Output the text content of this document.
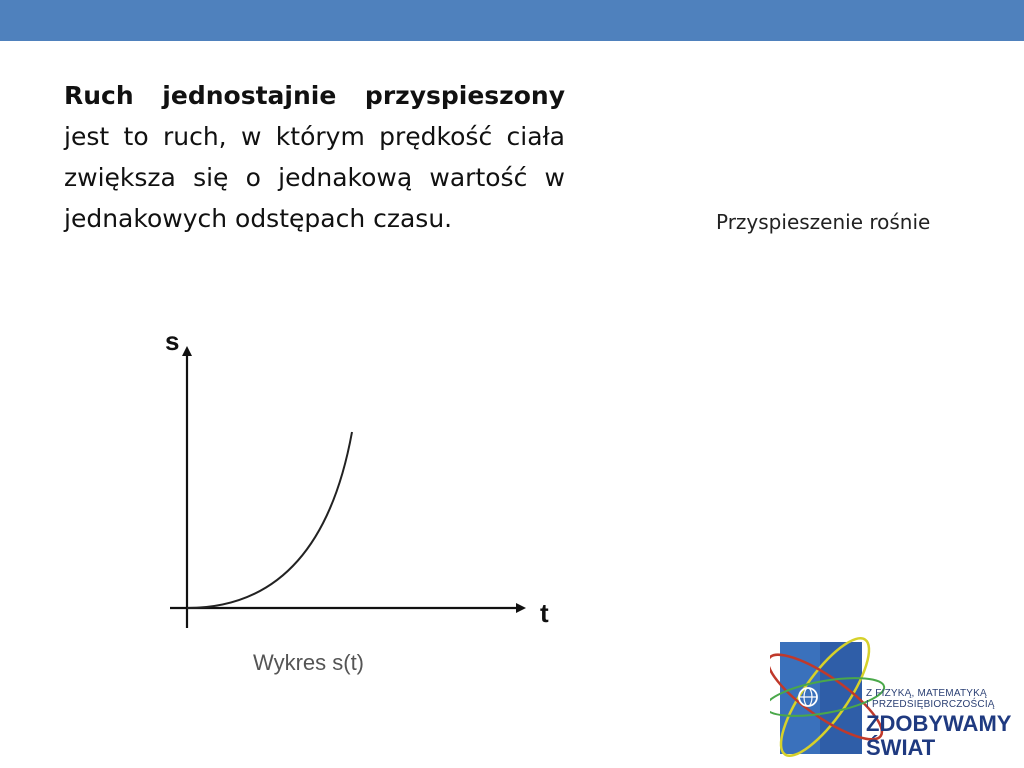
Ruch jednostajnie przyspieszony jest to ruch, w którym prędkość ciała zwiększa się o jednakową wartość w jednakowych odstępach czasu.	Przyspieszenie rośnie
s
t
Wykres s(t)
Z FIZYKĄ, MATEMATYKĄ
I PRZEDSIĘBIORCZOŚCIĄ
ZDOBYWAMY
ŚWIAT
